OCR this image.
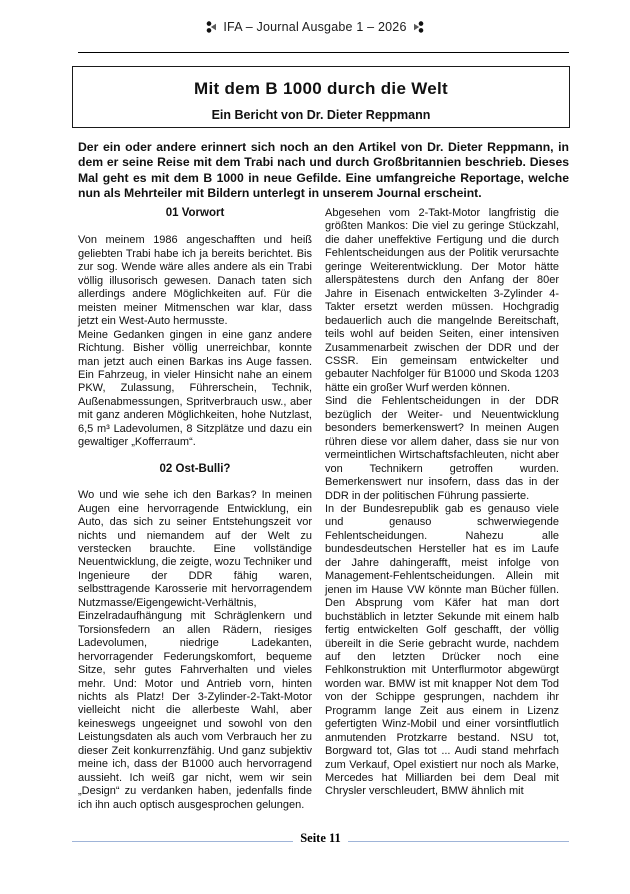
IFA – Journal Ausgabe 1 – 2026
Mit dem B 1000 durch die Welt
Ein Bericht von Dr. Dieter Reppmann
Der ein oder andere erinnert sich noch an den Artikel von Dr. Dieter Reppmann, in dem er seine Reise mit dem Trabi nach und durch Großbritannien beschrieb. Dieses Mal geht es mit dem B 1000 in neue Gefilde. Eine umfangreiche Reportage, welche nun als Mehrteiler mit Bildern unterlegt in unserem Journal erscheint.
01 Vorwort

Von meinem 1986 angeschafften und heiß geliebten Trabi habe ich ja bereits berichtet. Bis zur sog. Wende wäre alles andere als ein Trabi völlig illusorisch gewesen. Danach taten sich allerdings andere Möglichkeiten auf. Für die meisten meiner Mitmenschen war klar, dass jetzt ein West-Auto hermusste.

Meine Gedanken gingen in eine ganz andere Richtung. Bisher völlig unerreichbar, konnte man jetzt auch einen Barkas ins Auge fassen. Ein Fahrzeug, in vieler Hinsicht nahe an einem PKW, Zulassung, Führerschein, Technik, Außenabmessungen, Spritverbrauch usw., aber mit ganz anderen Möglichkeiten, hohe Nutzlast, 6,5 m³ Ladevolumen, 8 Sitzplätze und dazu ein gewaltiger „Kofferraum“.

02 Ost-Bulli?

Wo und wie sehe ich den Barkas? In meinen Augen eine hervorragende Entwicklung, ein Auto, das sich zu seiner Entstehungszeit vor nichts und niemandem auf der Welt zu verstecken brauchte. Eine vollständige Neuentwicklung, die zeigte, wozu Techniker und Ingenieure der DDR fähig waren, selbsttragende Karosserie mit hervorragendem Nutzmasse/Eigengewicht-Verhältnis, Einzelradaufhängung mit Schräglenkern und Torsionsfedern an allen Rädern, riesiges Ladevolumen, niedrige Ladekanten, hervorragender Federungskomfort, bequeme Sitze, sehr gutes Fahrverhalten und vieles mehr. Und: Motor und Antrieb vorn, hinten nichts als Platz! Der 3-Zylinder-2-Takt-Motor vielleicht nicht die allerbeste Wahl, aber keineswegs ungeeignet und sowohl von den Leistungsdaten als auch vom Verbrauch her zu dieser Zeit konkurrenzfähig. Und ganz subjektiv meine ich, dass der B1000 auch hervorragend aussieht. Ich weiß gar nicht, wem wir sein „Design“ zu verdanken haben, jedenfalls finde ich ihn auch optisch ausgesprochen gelungen.

Abgesehen vom 2-Takt-Motor langfristig die größten Mankos: Die viel zu geringe Stückzahl, die daher uneffektive Fertigung und die durch Fehlentscheidungen aus der Politik verursachte geringe Weiterentwicklung. Der Motor hätte allerspätestens durch den Anfang der 80er Jahre in Eisenach entwickelten 3-Zylinder 4-Takter ersetzt werden müssen. Hochgradig bedauerlich auch die mangelnde Bereitschaft, teils wohl auf beiden Seiten, einer intensiven Zusammenarbeit zwischen der DDR und der CSSR. Ein gemeinsam entwickelter und gebauter Nachfolger für B1000 und Skoda 1203 hätte ein großer Wurf werden können.

Sind die Fehlentscheidungen in der DDR bezüglich der Weiter- und Neuentwicklung besonders bemerkenswert? In meinen Augen rühren diese vor allem daher, dass sie nur von vermeintlichen Wirtschaftsfachleuten, nicht aber von Technikern getroffen wurden. Bemerkenswert nur insofern, dass das in der DDR in der politischen Führung passierte.

In der Bundesrepublik gab es genauso viele und genauso schwerwiegende Fehlentscheidungen. Nahezu alle bundesdeutschen Hersteller hat es im Laufe der Jahre dahingerafft, meist infolge von Management-Fehlentscheidungen. Allein mit jenen im Hause VW könnte man Bücher füllen. Den Absprung vom Käfer hat man dort buchstäblich in letzter Sekunde mit einem halb fertig entwickelten Golf geschafft, der völlig übereilt in die Serie gebracht wurde, nachdem auf den letzten Drücker noch eine Fehlkonstruktion mit Unterflurmotor abgewürgt worden war. BMW ist mit knapper Not dem Tod von der Schippe gesprungen, nachdem ihr Programm lange Zeit aus einem in Lizenz gefertigten Winz-Mobil und einer vorsintflutlich anmutenden Protzkarre bestand. NSU tot, Borgward tot, Glas tot ... Audi stand mehrfach zum Verkauf, Opel existiert nur noch als Marke, Mercedes hat Milliarden bei dem Deal mit Chrysler verschleudert, BMW ähnlich mit

Seite 11
